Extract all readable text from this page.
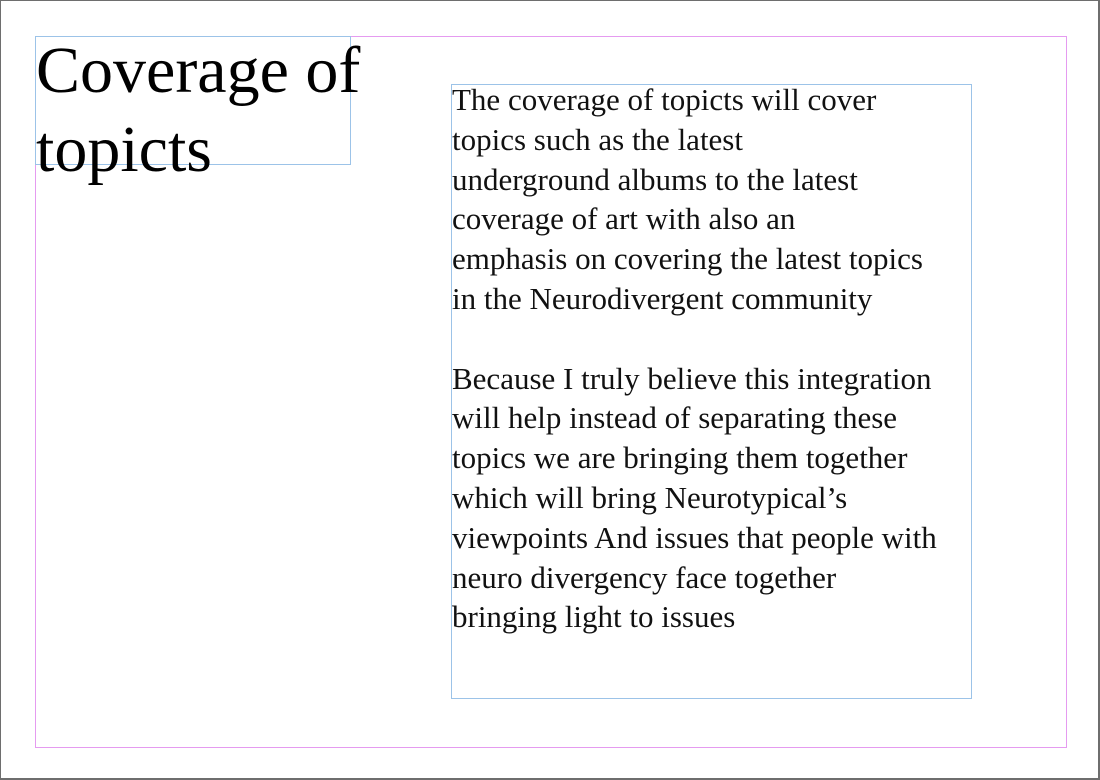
Coverage of
topicts

The coverage of topicts will cover
topics such as the latest
underground albums to the latest
coverage of art with also an
emphasis on covering the latest topics
in the Neurodivergent community

Because I truly believe this integration
will help instead of separating these
topics we are bringing them together
which will bring Neurotypical’s
viewpoints And issues that people with
neuro divergency face together
bringing light to issues
